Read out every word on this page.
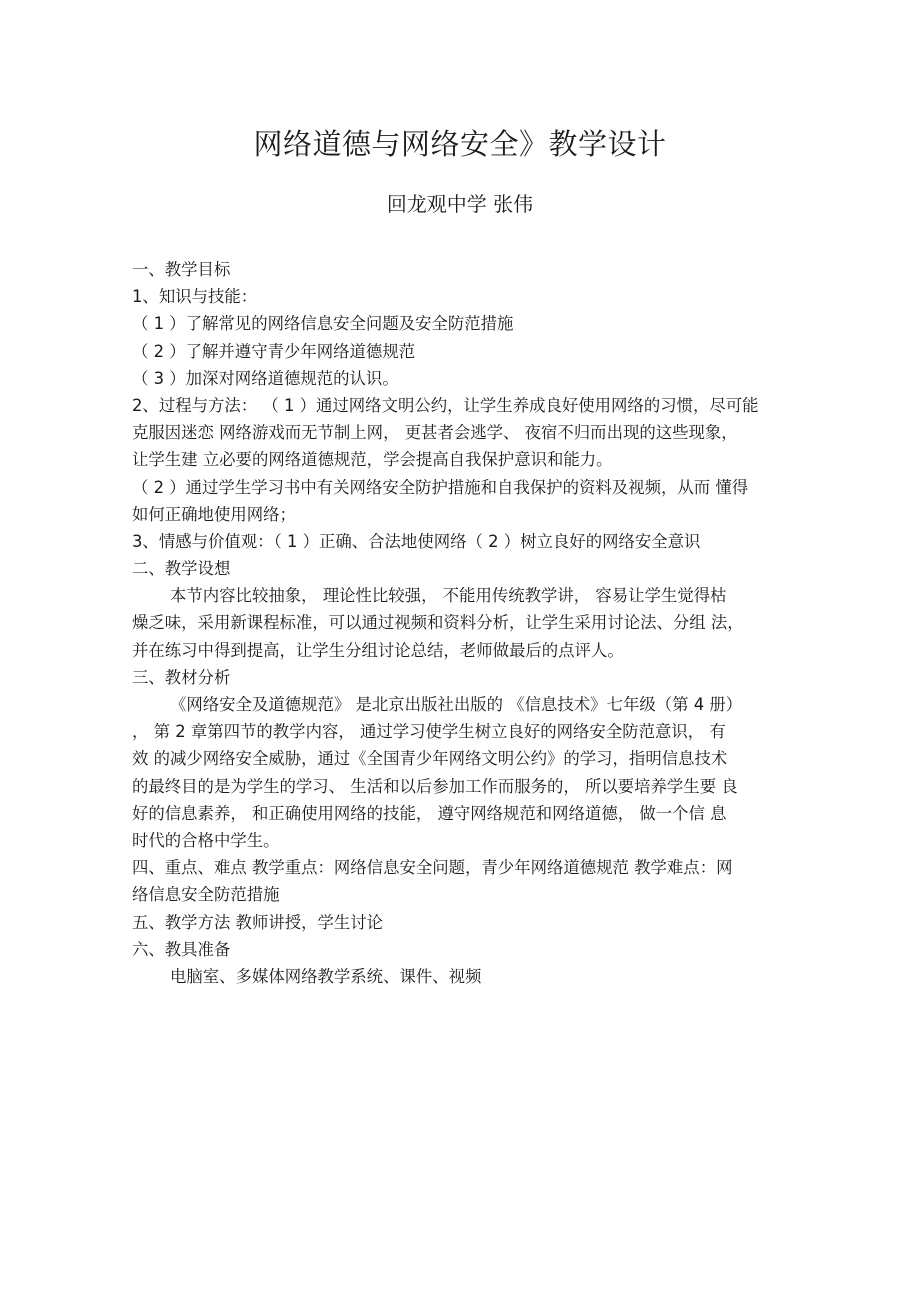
网络道德与网络安全》教学设计
回龙观中学 张伟
一、教学目标
1、知识与技能：
（ 1 ）了解常见的网络信息安全问题及安全防范措施
（ 2 ）了解并遵守青少年网络道德规范
（ 3 ）加深对网络道德规范的认识。
2、过程与方法： （ 1 ）通过网络文明公约，让学生养成良好使用网络的习惯，尽可能
克服因迷恋 网络游戏而无节制上网， 更甚者会逃学、 夜宿不归而出现的这些现象，
让学生建 立必要的网络道德规范，学会提高自我保护意识和能力。
（ 2 ）通过学生学习书中有关网络安全防护措施和自我保护的资料及视频，从而 懂得
如何正确地使用网络；
3、情感与价值观：（ 1 ）正确、合法地使网络（ 2 ）树立良好的网络安全意识
二、教学设想
本节内容比较抽象， 理论性比较强， 不能用传统教学讲， 容易让学生觉得枯
燥乏味，采用新课程标准，可以通过视频和资料分析，让学生采用讨论法、分组 法，
并在练习中得到提高，让学生分组讨论总结，老师做最后的点评人。
三、教材分析
《网络安全及道德规范》 是北京出版社出版的 《信息技术》七年级（第 4 册）
， 第 2 章第四节的教学内容， 通过学习使学生树立良好的网络安全防范意识， 有
效 的减少网络安全威胁，通过《全国青少年网络文明公约》的学习，指明信息技术
的最终目的是为学生的学习、 生活和以后参加工作而服务的， 所以要培养学生要 良
好的信息素养， 和正确使用网络的技能， 遵守网络规范和网络道德， 做一个信 息
时代的合格中学生。
四、重点、难点 教学重点：网络信息安全问题，青少年网络道德规范 教学难点：网
络信息安全防范措施
五、教学方法 教师讲授，学生讨论
六、教具准备
电脑室、多媒体网络教学系统、课件、视频
